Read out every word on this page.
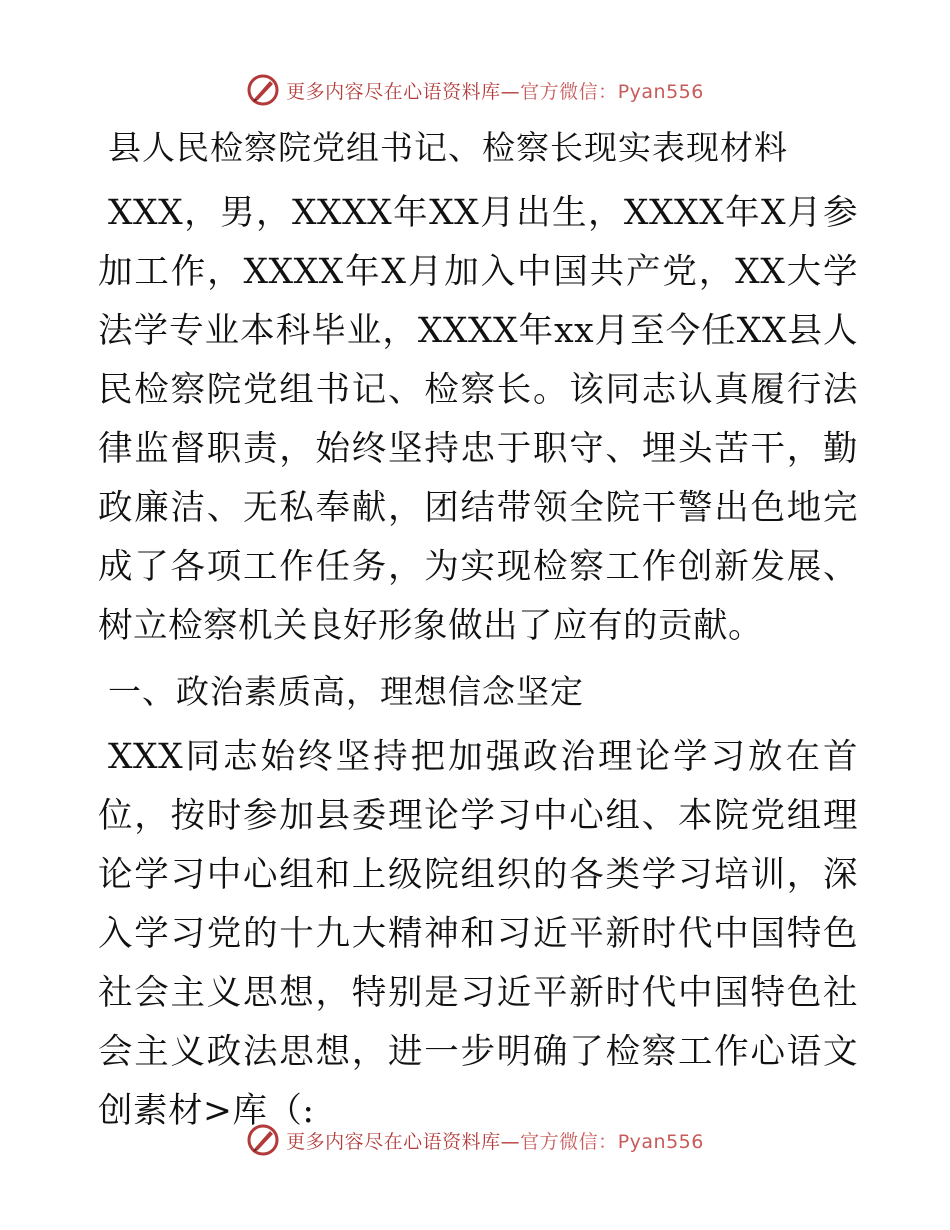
更多内容尽在心语资料库—官方微信：Pyan556
县人民检察院党组书记、检察长现实表现材料

XXX，男，XXXX年XX月出生，XXXX年X月参加工作，XXXX年X月加入中国共产党，XX大学法学专业本科毕业，XXXX年xx月至今任XX县人民检察院党组书记、检察长。该同志认真履行法律监督职责，始终坚持忠于职守、埋头苦干，勤政廉洁、无私奉献，团结带领全院干警出色地完成了各项工作任务，为实现检察工作创新发展、树立检察机关良好形象做出了应有的贡献。

一、政治素质高，理想信念坚定

XXX同志始终坚持把加强政治理论学习放在首位，按时参加县委理论学习中心组、本院党组理论学习中心组和上级院组织的各类学习培训，深入学习党的十九大精神和习近平新时代中国特色社会主义思想，特别是习近平新时代中国特色社会主义政法思想，进一步明确了检察工作心语文创素材>库（:

更多内容尽在心语资料库—官方微信：Pyan556
